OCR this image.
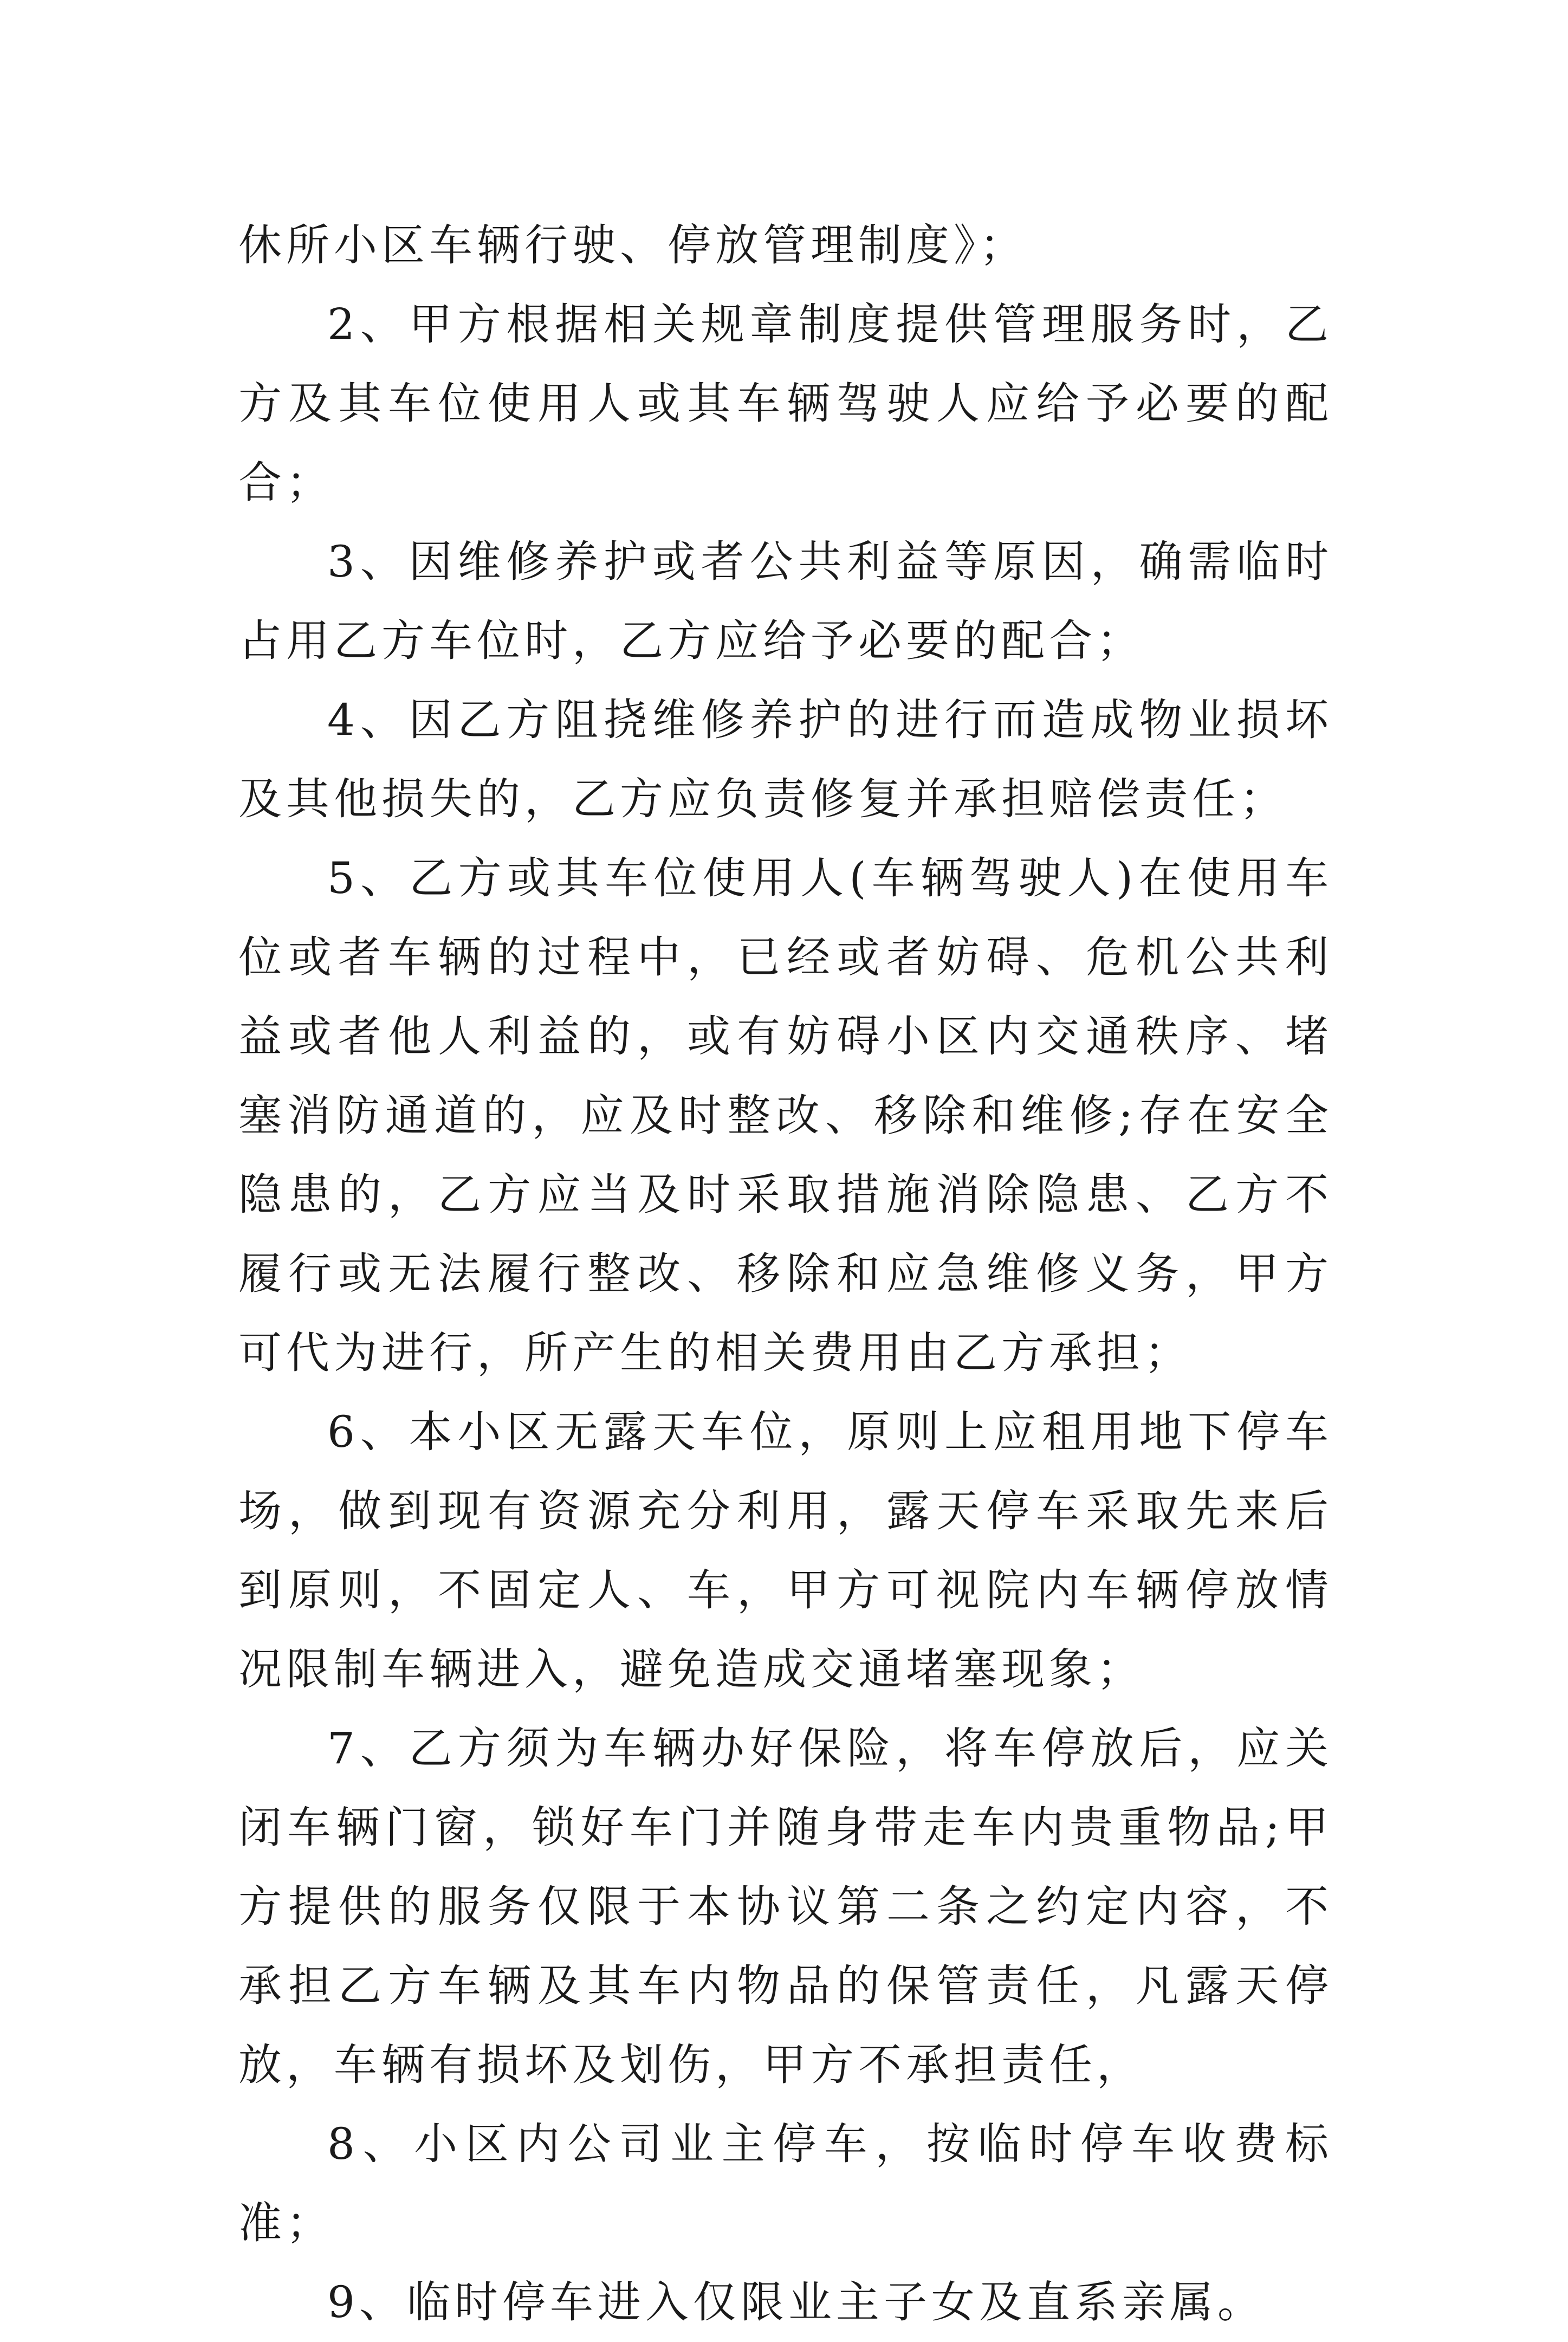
休所小区车辆行驶、停放管理制度》；

2、甲方根据相关规章制度提供管理服务时，乙方及其车位使用人或其车辆驾驶人应给予必要的配合；

3、因维修养护或者公共利益等原因，确需临时占用乙方车位时，乙方应给予必要的配合；

4、因乙方阻挠维修养护的进行而造成物业损坏及其他损失的，乙方应负责修复并承担赔偿责任；

5、乙方或其车位使用人(车辆驾驶人)在使用车位或者车辆的过程中，已经或者妨碍、危机公共利益或者他人利益的，或有妨碍小区内交通秩序、堵塞消防通道的，应及时整改、移除和维修;存在安全隐患的，乙方应当及时采取措施消除隐患、乙方不履行或无法履行整改、移除和应急维修义务，甲方可代为进行，所产生的相关费用由乙方承担；

6、本小区无露天车位，原则上应租用地下停车场，做到现有资源充分利用，露天停车采取先来后到原则，不固定人、车，甲方可视院内车辆停放情况限制车辆进入，避免造成交通堵塞现象；

7、乙方须为车辆办好保险，将车停放后，应关闭车辆门窗，锁好车门并随身带走车内贵重物品;甲方提供的服务仅限于本协议第二条之约定内容，不承担乙方车辆及其车内物品的保管责任，凡露天停放，车辆有损坏及划伤，甲方不承担责任，

8、小区内公司业主停车，按临时停车收费标准；

9、临时停车进入仅限业主子女及直系亲属。
